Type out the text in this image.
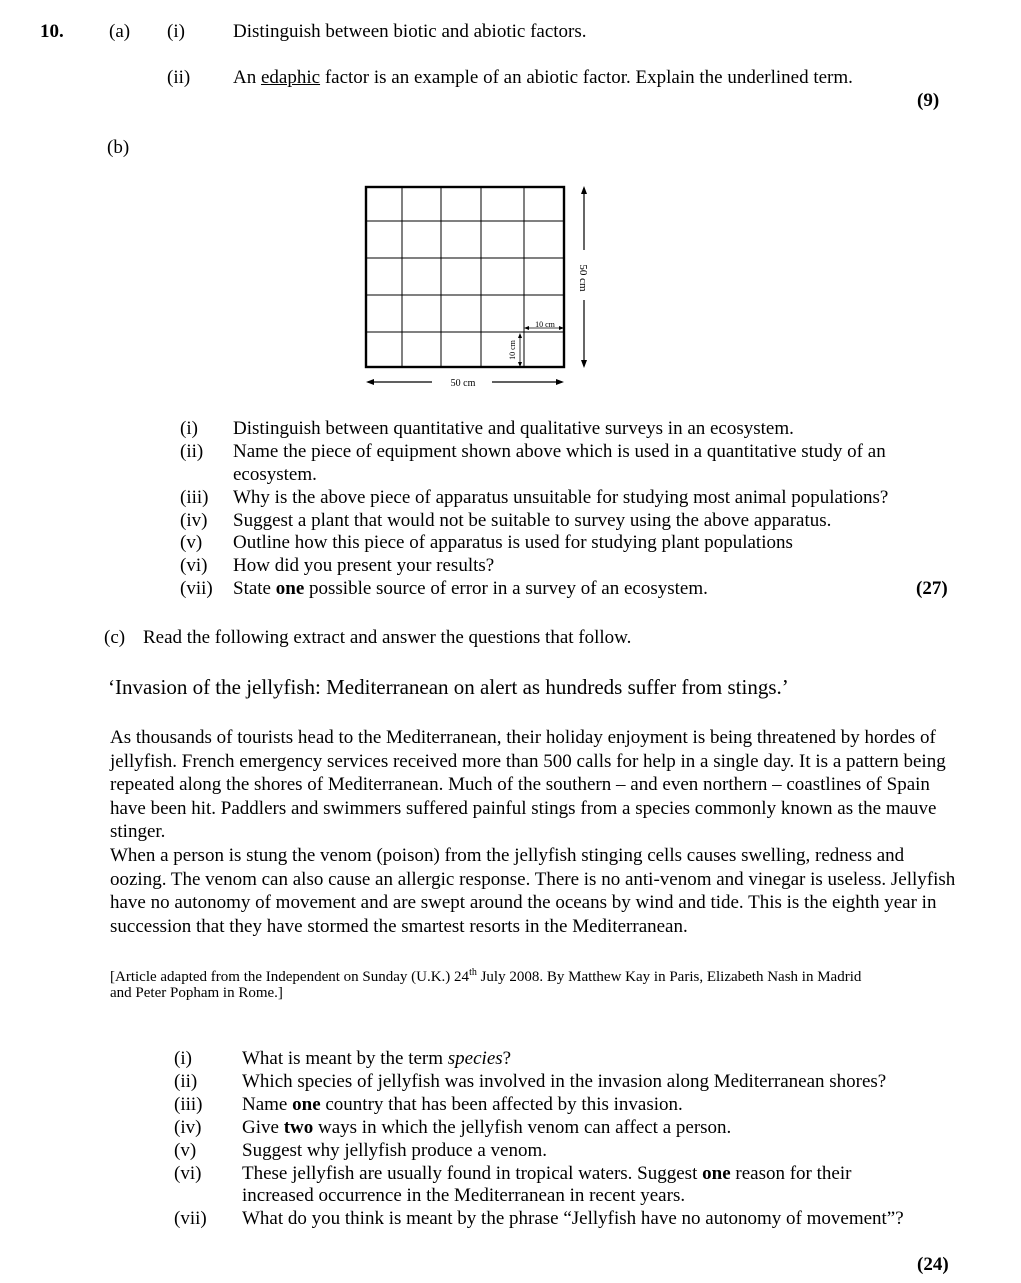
10. (a) (i)	Distinguish between biotic and abiotic factors.
(ii) An edaphic factor is an example of an abiotic factor. Explain the underlined term.
(9)
(b)
10 cm
10 cm
50 cm
50 cm
(i) Distinguish between quantitative and qualitative surveys in an ecosystem.
(ii) Name the piece of equipment shown above which is used in a quantitative study of an
ecosystem.
(iii) Why is the above piece of apparatus unsuitable for studying most animal populations?
(iv) Suggest a plant that would not be suitable to survey using the above apparatus.
(v) Outline how this piece of apparatus is used for studying plant populations
(vi) How did you present your results?
(vii) State one possible source of error in a survey of an ecosystem.	(27)
(c) Read the following extract and answer the questions that follow.
‘Invasion of the jellyfish: Mediterranean on alert as hundreds suffer from stings.’
As thousands of tourists head to the Mediterranean, their holiday enjoyment is being threatened by hordes of jellyfish. French emergency services received more than 500 calls for help in a single day. It is a pattern being repeated along the shores of Mediterranean. Much of the southern – and even northern – coastlines of Spain have been hit. Paddlers and swimmers suffered painful stings from a species commonly known as the mauve stinger.
When a person is stung the venom (poison) from the jellyfish stinging cells causes swelling, redness and oozing. The venom can also cause an allergic response. There is no anti-venom and vinegar is useless. Jellyfish have no autonomy of movement and are swept around the oceans by wind and tide. This is the eighth year in succession that they have stormed the smartest resorts in the Mediterranean.
[Article adapted from the Independent on Sunday (U.K.) 24th July 2008. By Matthew Kay in Paris, Elizabeth Nash in Madrid
and Peter Popham in Rome.]
(i)	What is meant by the term species?
(ii) Which species of jellyfish was involved in the invasion along Mediterranean shores?
(iii) Name one country that has been affected by this invasion.
(iv) Give two ways in which the jellyfish venom can affect a person.
(v) Suggest why jellyfish produce a venom.
(vi) These jellyfish are usually found in tropical waters. Suggest one reason for their
increased occurrence in the Mediterranean in recent years.
(vii) What do you think is meant by the phrase “Jellyfish have no autonomy of movement”?
(24)
